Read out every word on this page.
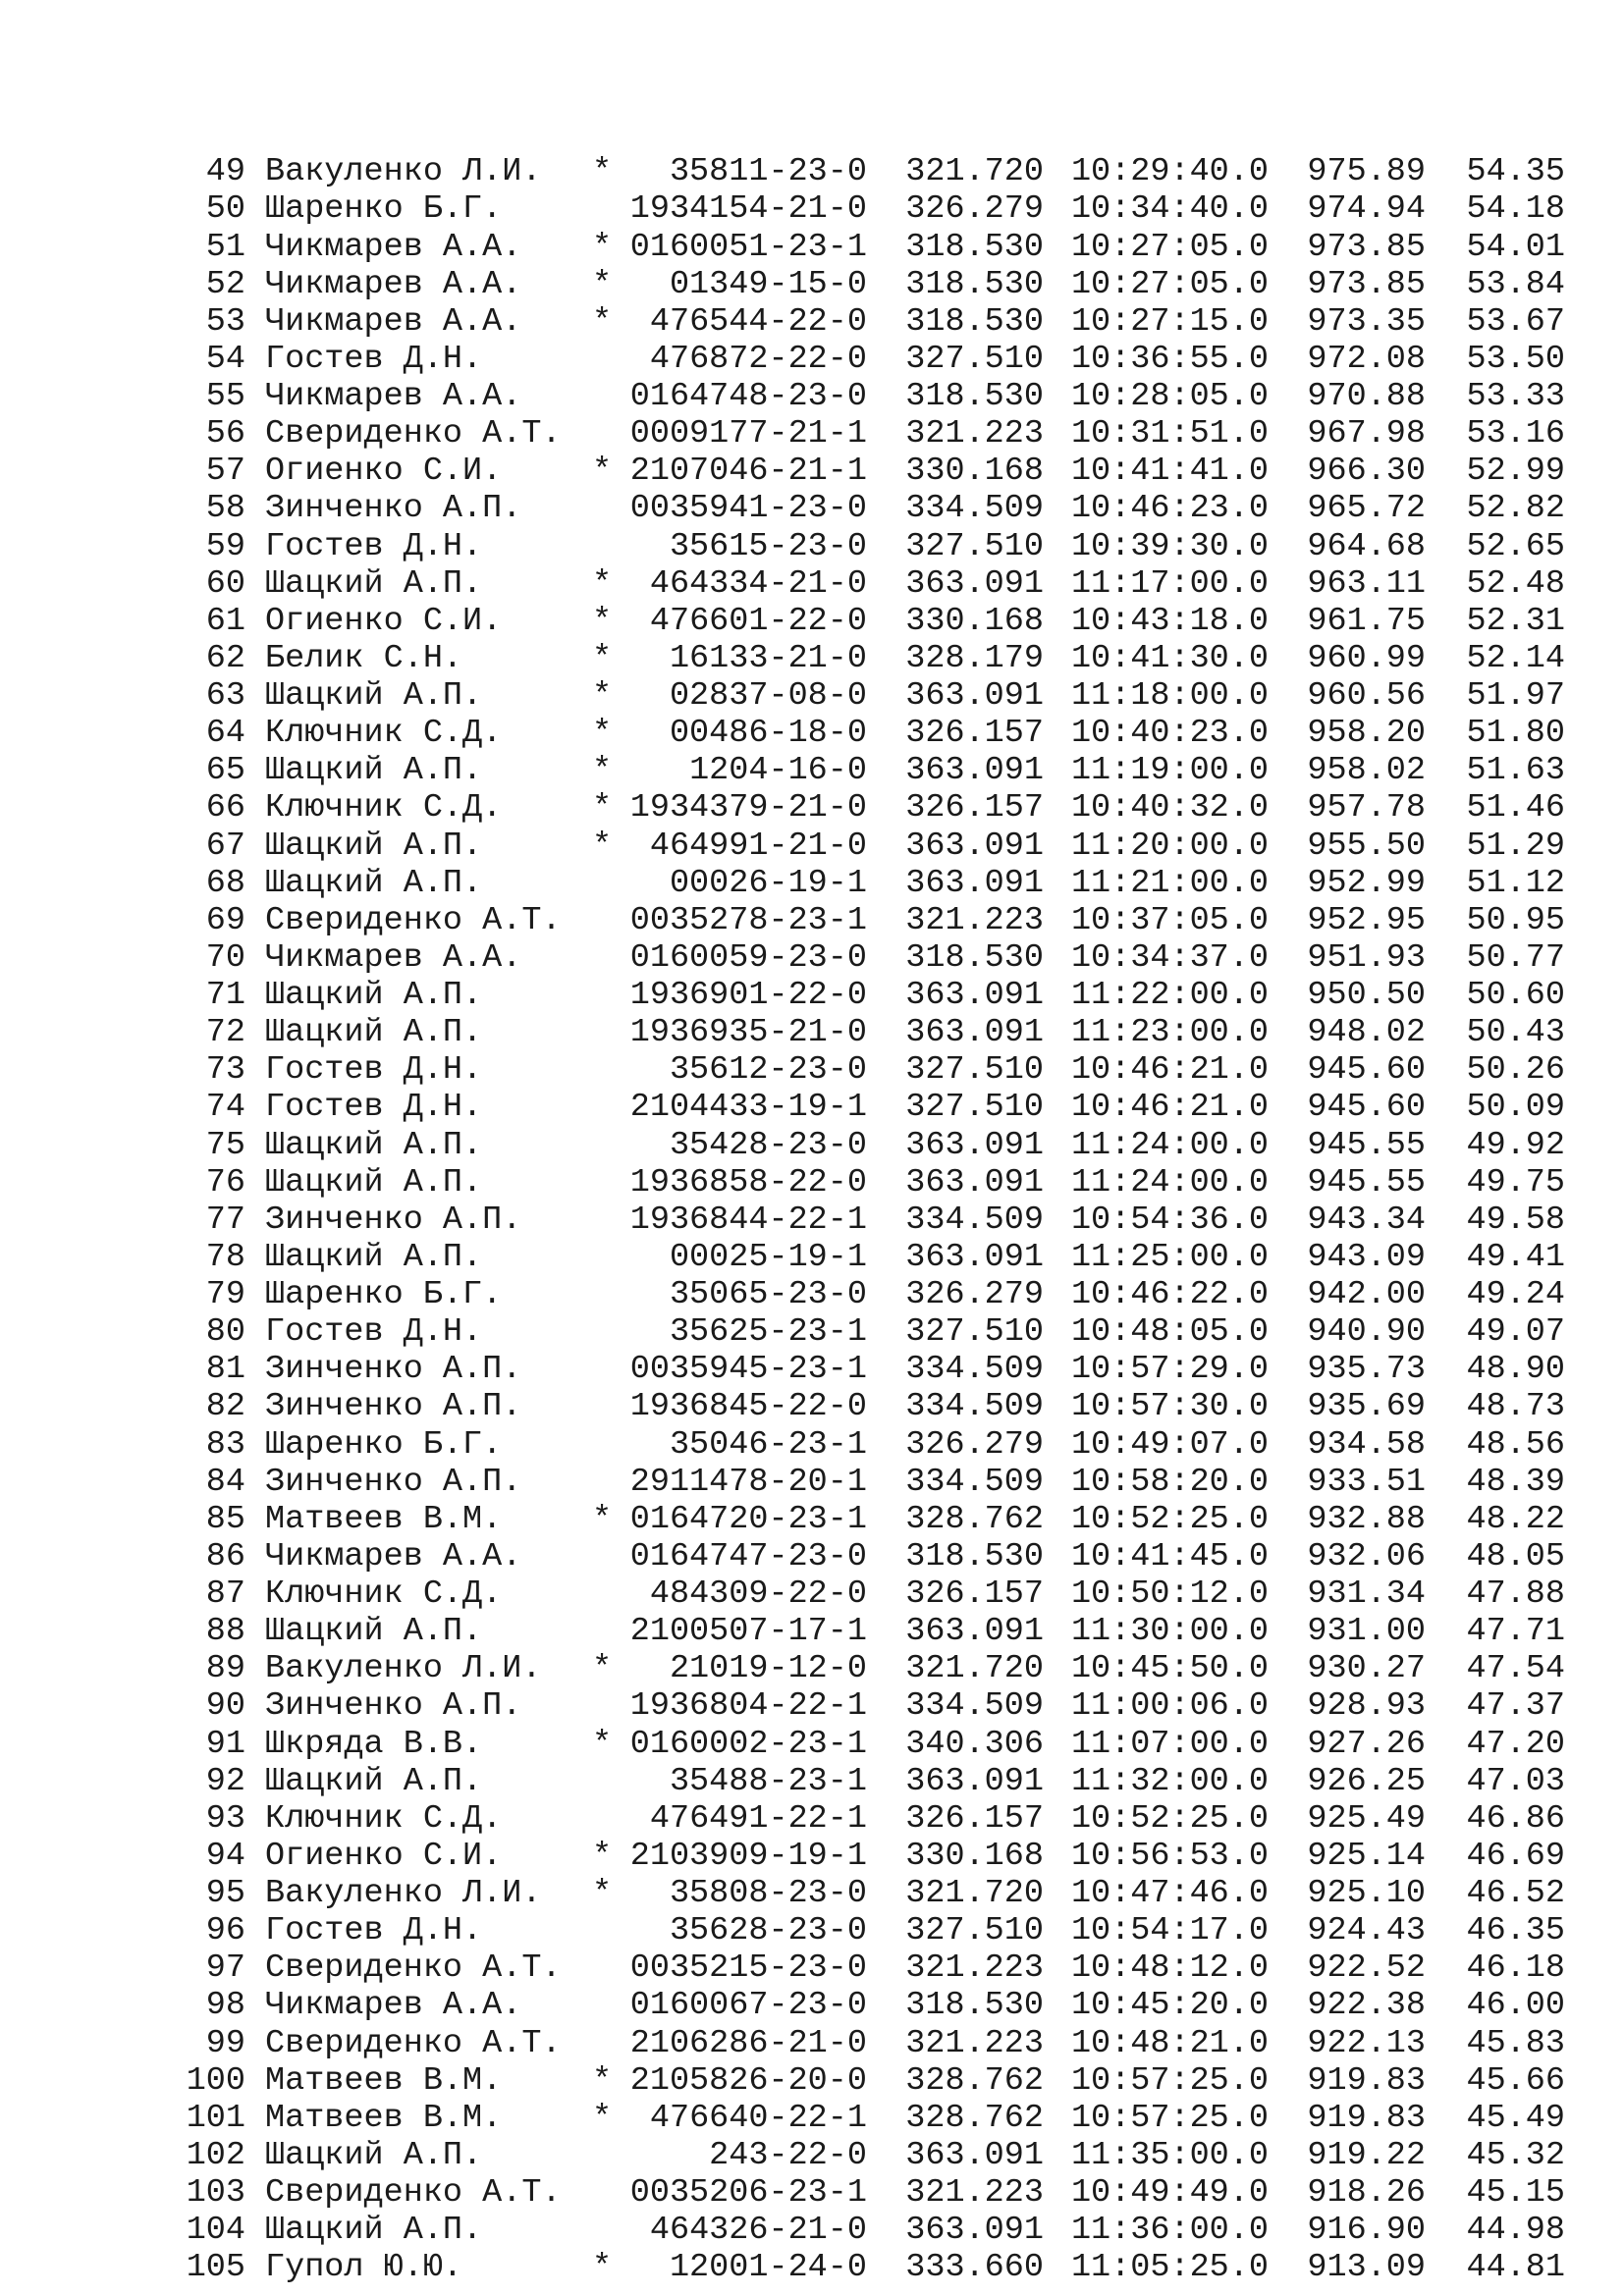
49 Вакуленко Л.И. * 35811-23-0 321.720 10:29:40.0 975.89 54.35
50 Шаренко Б.Г.	1934154-21-0 326.279 10:34:40.0 974.94 54.18
51 Чикмарев А.А. * 0160051-23-1 318.530 10:27:05.0 973.85 54.01
52 Чикмарев А.А. * 01349-15-0 318.530 10:27:05.0 973.85 53.84
53 Чикмарев А.А. * 476544-22-0 318.530 10:27:15.0 973.35 53.67
54 Гостев Д.Н.	476872-22-0 327.510 10:36:55.0 972.08 53.50
55 Чикмарев А.А.	0164748-23-0 318.530 10:28:05.0 970.88 53.33
56 Свериденко А.Т. 0009177-21-1 321.223 10:31:51.0 967.98 53.16
57 Огиенко С.И.	* 2107046-21-1 330.168 10:41:41.0 966.30 52.99
58 Зинченко А.П.	0035941-23-0 334.509 10:46:23.0 965.72 52.82
59 Гостев Д.Н.	35615-23-0 327.510 10:39:30.0 964.68 52.65
60 Шацкий А.П.	* 464334-21-0 363.091 11:17:00.0 963.11 52.48
61 Огиенко С.И.	* 476601-22-0 330.168 10:43:18.0 961.75 52.31
62 Белик С.Н.	* 16133-21-0 328.179 10:41:30.0 960.99 52.14
63 Шацкий А.П.	* 02837-08-0 363.091 11:18:00.0 960.56 51.97
64 Ключник С.Д.	* 00486-18-0 326.157 10:40:23.0 958.20 51.80
65 Шацкий А.П.	* 1204-16-0 363.091 11:19:00.0 958.02 51.63
66 Ключник С.Д.	* 1934379-21-0 326.157 10:40:32.0 957.78 51.46
67 Шацкий А.П.	* 464991-21-0 363.091 11:20:00.0 955.50 51.29
68 Шацкий А.П.	00026-19-1 363.091 11:21:00.0 952.99 51.12
69 Свериденко А.Т. 0035278-23-1 321.223 10:37:05.0 952.95 50.95
70 Чикмарев А.А.	0160059-23-0 318.530 10:34:37.0 951.93 50.77
71 Шацкий А.П.	1936901-22-0 363.091 11:22:00.0 950.50 50.60
72 Шацкий А.П.	1936935-21-0 363.091 11:23:00.0 948.02 50.43
73 Гостев Д.Н.	35612-23-0 327.510 10:46:21.0 945.60 50.26
74 Гостев Д.Н.	2104433-19-1 327.510 10:46:21.0 945.60 50.09
75 Шацкий А.П.	35428-23-0 363.091 11:24:00.0 945.55 49.92
76 Шацкий А.П.	1936858-22-0 363.091 11:24:00.0 945.55 49.75
77 Зинченко А.П.	1936844-22-1 334.509 10:54:36.0 943.34 49.58
78 Шацкий А.П.	00025-19-1 363.091 11:25:00.0 943.09 49.41
79 Шаренко Б.Г.	35065-23-0 326.279 10:46:22.0 942.00 49.24
80 Гостев Д.Н.	35625-23-1 327.510 10:48:05.0 940.90 49.07
81 Зинченко А.П.	0035945-23-1 334.509 10:57:29.0 935.73 48.90
82 Зинченко А.П.	1936845-22-0 334.509 10:57:30.0 935.69 48.73
83 Шаренко Б.Г.	35046-23-1 326.279 10:49:07.0 934.58 48.56
84 Зинченко А.П.	2911478-20-1 334.509 10:58:20.0 933.51 48.39
85 Матвеев В.М.	* 0164720-23-1 328.762 10:52:25.0 932.88 48.22
86 Чикмарев А.А.	0164747-23-0 318.530 10:41:45.0 932.06 48.05
87 Ключник С.Д.	484309-22-0 326.157 10:50:12.0 931.34 47.88
88 Шацкий А.П.	2100507-17-1 363.091 11:30:00.0 931.00 47.71
89 Вакуленко Л.И. * 21019-12-0 321.720 10:45:50.0 930.27 47.54
90 Зинченко А.П.	1936804-22-1 334.509 11:00:06.0 928.93 47.37
91 Шкряда В.В.	* 0160002-23-1 340.306 11:07:00.0 927.26 47.20
92 Шацкий А.П.	35488-23-1 363.091 11:32:00.0 926.25 47.03
93 Ключник С.Д.	476491-22-1 326.157 10:52:25.0 925.49 46.86
94 Огиенко С.И.	* 2103909-19-1 330.168 10:56:53.0 925.14 46.69
95 Вакуленко Л.И. * 35808-23-0 321.720 10:47:46.0 925.10 46.52
96 Гостев Д.Н.	35628-23-0 327.510 10:54:17.0 924.43 46.35
97 Свериденко А.Т. 0035215-23-0 321.223 10:48:12.0 922.52 46.18
98 Чикмарев А.А.	0160067-23-0 318.530 10:45:20.0 922.38 46.00
99 Свериденко А.Т. 2106286-21-0 321.223 10:48:21.0 922.13 45.83
100 Матвеев В.М.	* 2105826-20-0 328.762 10:57:25.0 919.83 45.66
101 Матвеев В.М.	* 476640-22-1 328.762 10:57:25.0 919.83 45.49
102 Шацкий А.П.	243-22-0 363.091 11:35:00.0 919.22 45.32
103 Свериденко А.Т. 0035206-23-1 321.223 10:49:49.0 918.26 45.15
104 Шацкий А.П.	464326-21-0 363.091 11:36:00.0 916.90 44.98
105 Гупол Ю.Ю.	* 12001-24-0 333.660 11:05:25.0 913.09 44.81
